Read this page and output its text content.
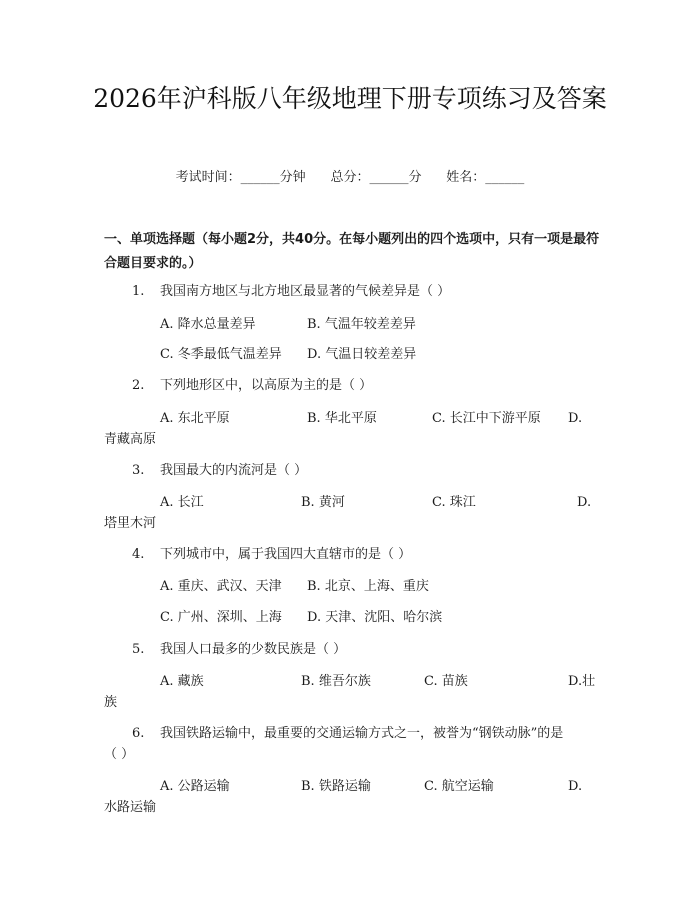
2026年沪科版八年级地理下册专项练习及答案
考试时间：______分钟 总分：______分 姓名：______
一、单项选择题（每小题2分，共40分。在每小题列出的四个选项中，只有一项是最符合题目要求的。）
1. 我国南方地区与北方地区最显著的气候差异是（ ）
A. 降水总量差异	B. 气温年较差差异
C. 冬季最低气温差异 D. 气温日较差差异
2. 下列地形区中，以高原为主的是（ ）
A. 东北平原	B. 华北平原	C. 长江中下游平原 D.
青藏高原
3. 我国最大的内流河是（ ）
A. 长江	B. 黄河	C. 珠江	D.
塔里木河
4. 下列城市中，属于我国四大直辖市的是（ ）
A. 重庆、武汉、天津 B. 北京、上海、重庆
C. 广州、深圳、上海 D. 天津、沈阳、哈尔滨
5. 我国人口最多的少数民族是（ ）
A. 藏族	B. 维吾尔族	C. 苗族	D.壮
族
6. 我国铁路运输中，最重要的交通运输方式之一，被誉为“钢铁动脉”的是
（ ）
A. 公路运输	B. 铁路运输	C. 航空运输	D.
水路运输
